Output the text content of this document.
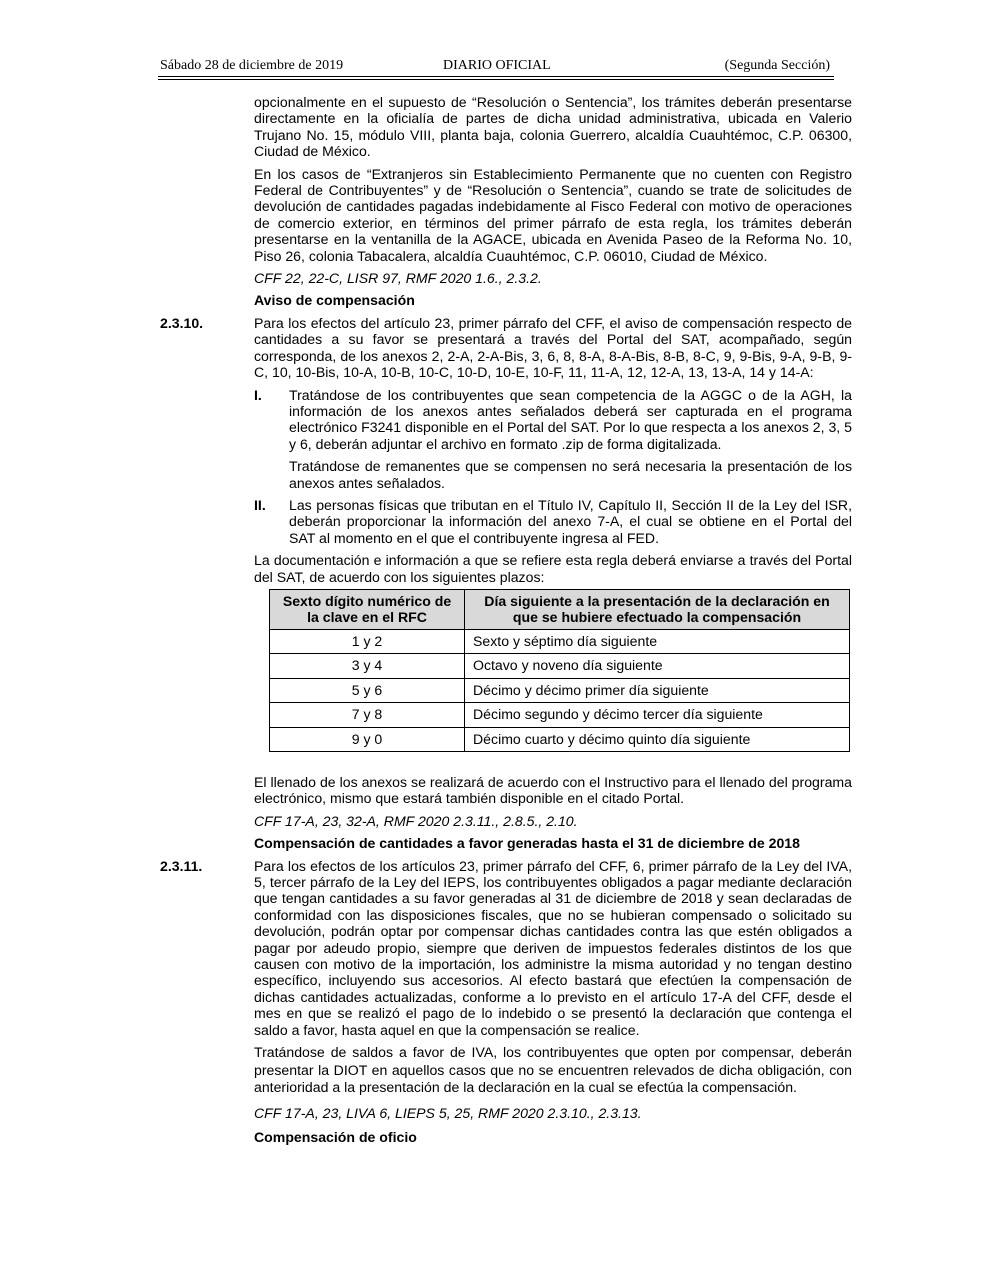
Sábado 28 de diciembre de 2019	DIARIO OFICIAL	(Segunda Sección)

opcionalmente en el supuesto de “Resolución o Sentencia”, los trámites deberán presentarse directamente en la oficialía de partes de dicha unidad administrativa, ubicada en Valerio Trujano No. 15, módulo VIII, planta baja, colonia Guerrero, alcaldía Cuauhtémoc, C.P. 06300, Ciudad de México.

En los casos de “Extranjeros sin Establecimiento Permanente que no cuenten con Registro Federal de Contribuyentes” y de “Resolución o Sentencia”, cuando se trate de solicitudes de devolución de cantidades pagadas indebidamente al Fisco Federal con motivo de operaciones de comercio exterior, en términos del primer párrafo de esta regla, los trámites deberán presentarse en la ventanilla de la AGACE, ubicada en Avenida Paseo de la Reforma No. 10, Piso 26, colonia Tabacalera, alcaldía Cuauhtémoc, C.P. 06010, Ciudad de México.

CFF 22, 22-C, LISR 97, RMF 2020 1.6., 2.3.2.
Aviso de compensación
2.3.10.	Para los efectos del artículo 23, primer párrafo del CFF, el aviso de compensación respecto de cantidades a su favor se presentará a través del Portal del SAT, acompañado, según corresponda, de los anexos 2, 2-A, 2-A-Bis, 3, 6, 8, 8-A, 8-A-Bis, 8-B, 8-C, 9, 9-Bis, 9-A, 9-B, 9-C, 10, 10-Bis, 10-A, 10-B, 10-C, 10-D, 10-E, 10-F, 11, 11-A, 12, 12-A, 13, 13-A, 14 y 14-A:
I.	Tratándose de los contribuyentes que sean competencia de la AGGC o de la AGH, la información de los anexos antes señalados deberá ser capturada en el programa electrónico F3241 disponible en el Portal del SAT. Por lo que respecta a los anexos 2, 3, 5 y 6, deberán adjuntar el archivo en formato .zip de forma digitalizada.
Tratándose de remanentes que se compensen no será necesaria la presentación de los anexos antes señalados.
II.	Las personas físicas que tributan en el Título IV, Capítulo II, Sección II de la Ley del ISR, deberán proporcionar la información del anexo 7-A, el cual se obtiene en el Portal del SAT al momento en el que el contribuyente ingresa al FED.

La documentación e información a que se refiere esta regla deberá enviarse a través del Portal del SAT, de acuerdo con los siguientes plazos:

Sexto dígito numérico de la clave en el RFC	Día siguiente a la presentación de la declaración en que se hubiere efectuado la compensación
1 y 2	Sexto y séptimo día siguiente
3 y 4	Octavo y noveno día siguiente
5 y 6	Décimo y décimo primer día siguiente
7 y 8	Décimo segundo y décimo tercer día siguiente
9 y 0	Décimo cuarto y décimo quinto día siguiente

El llenado de los anexos se realizará de acuerdo con el Instructivo para el llenado del programa electrónico, mismo que estará también disponible en el citado Portal.

CFF 17-A, 23, 32-A, RMF 2020 2.3.11., 2.8.5., 2.10.
Compensación de cantidades a favor generadas hasta el 31 de diciembre de 2018
2.3.11.	Para los efectos de los artículos 23, primer párrafo del CFF, 6, primer párrafo de la Ley del IVA, 5, tercer párrafo de la Ley del IEPS, los contribuyentes obligados a pagar mediante declaración que tengan cantidades a su favor generadas al 31 de diciembre de 2018 y sean declaradas de conformidad con las disposiciones fiscales, que no se hubieran compensado o solicitado su devolución, podrán optar por compensar dichas cantidades contra las que estén obligados a pagar por adeudo propio, siempre que deriven de impuestos federales distintos de los que causen con motivo de la importación, los administre la misma autoridad y no tengan destino específico, incluyendo sus accesorios. Al efecto bastará que efectúen la compensación de dichas cantidades actualizadas, conforme a lo previsto en el artículo 17-A del CFF, desde el mes en que se realizó el pago de lo indebido o se presentó la declaración que contenga el saldo a favor, hasta aquel en que la compensación se realice.

Tratándose de saldos a favor de IVA, los contribuyentes que opten por compensar, deberán presentar la DIOT en aquellos casos que no se encuentren relevados de dicha obligación, con anterioridad a la presentación de la declaración en la cual se efectúa la compensación.

CFF 17-A, 23, LIVA 6, LIEPS 5, 25, RMF 2020 2.3.10., 2.3.13.
Compensación de oficio
